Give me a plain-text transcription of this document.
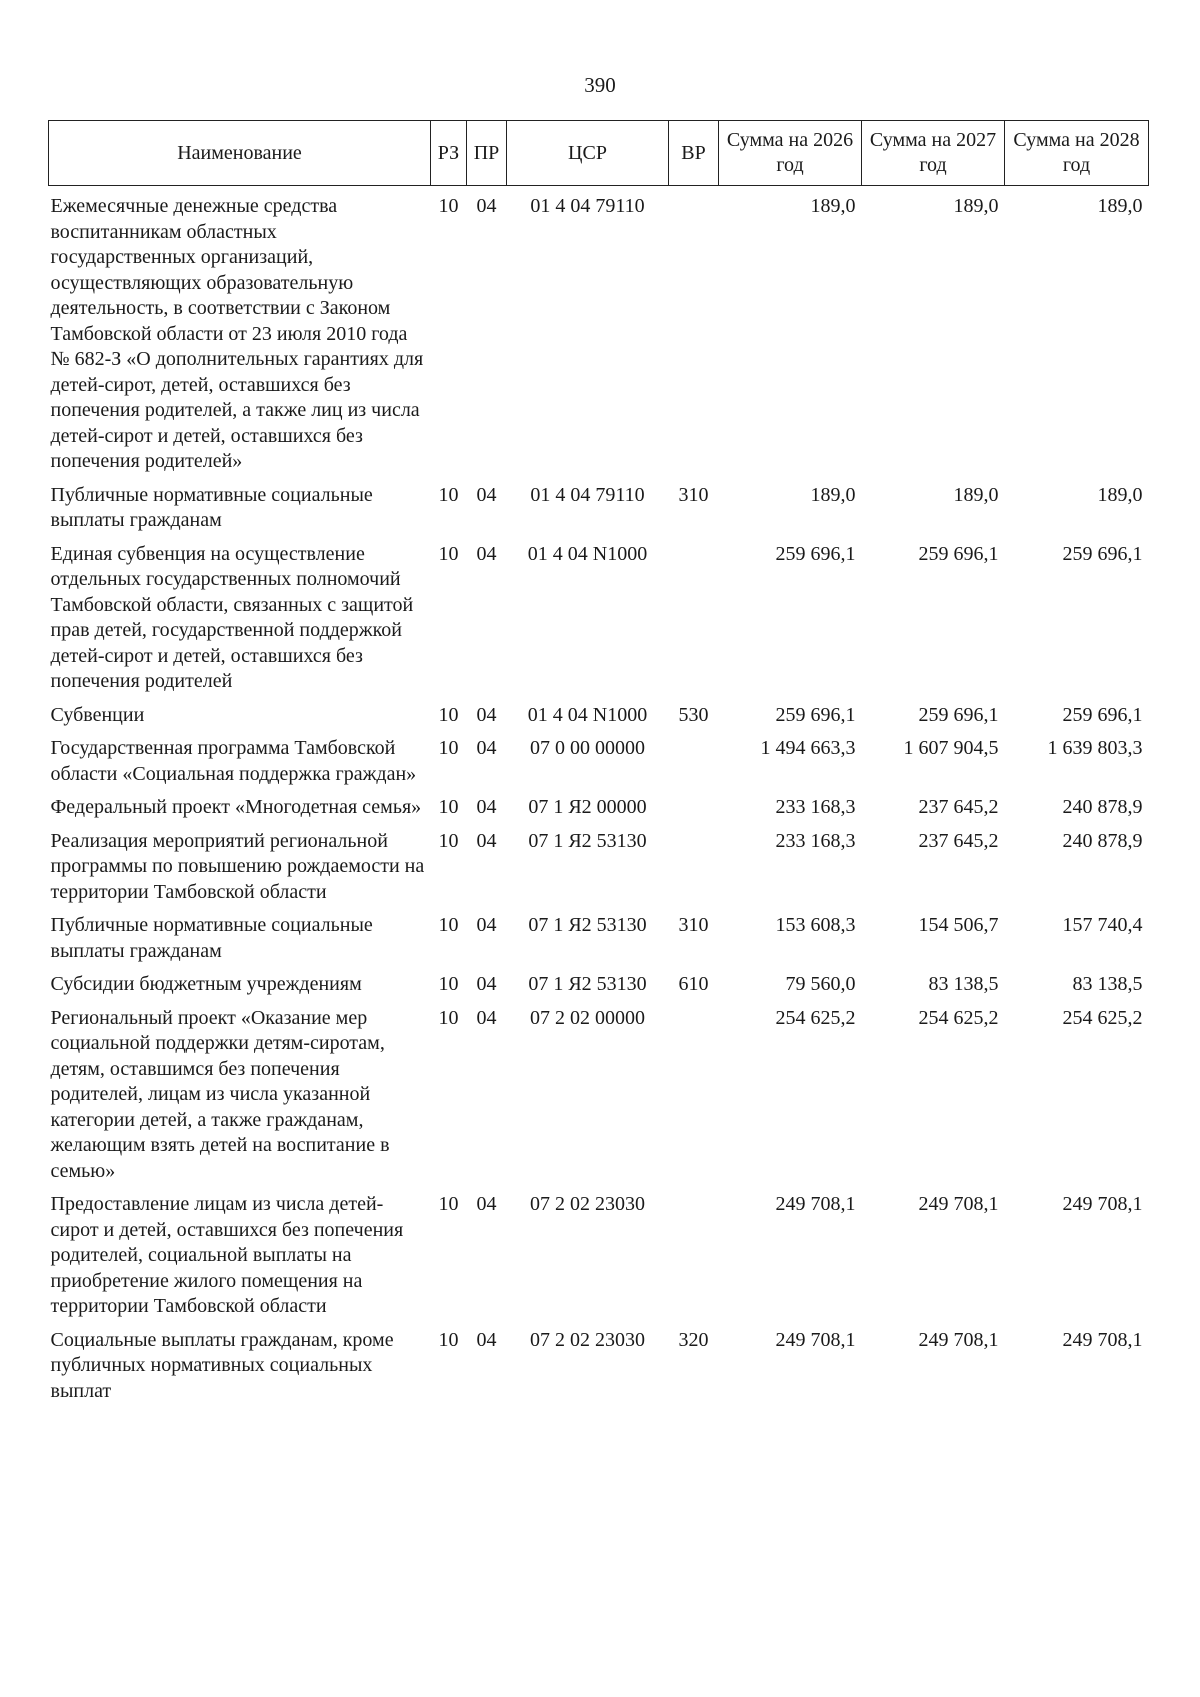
390
Наименование	РЗ	ПР	ЦСР	ВР	Сумма на 2026 год	Сумма на 2027 год	Сумма на 2028 год
Ежемесячные денежные средства воспитанникам областных государственных организаций, осуществляющих образовательную деятельность, в соответствии с Законом Тамбовской области от 23 июля 2010 года № 682-З «О дополнительных гарантиях для детей-сирот, детей, оставшихся без попечения родителей, а также лиц из числа детей-сирот и детей, оставшихся без попечения родителей»	10	04	01 4 04 79110		189,0	189,0	189,0
Публичные нормативные социальные выплаты гражданам	10	04	01 4 04 79110	310	189,0	189,0	189,0
Единая субвенция на осуществление отдельных государственных полномочий Тамбовской области, связанных с защитой прав детей, государственной поддержкой детей-сирот и детей, оставшихся без попечения родителей	10	04	01 4 04 N1000		259 696,1	259 696,1	259 696,1
Субвенции	10	04	01 4 04 N1000	530	259 696,1	259 696,1	259 696,1
Государственная программа Тамбовской области «Социальная поддержка граждан»	10	04	07 0 00 00000		1 494 663,3	1 607 904,5	1 639 803,3
Федеральный проект «Многодетная семья»	10	04	07 1 Я2 00000		233 168,3	237 645,2	240 878,9
Реализация мероприятий региональной программы по повышению рождаемости на территории Тамбовской области	10	04	07 1 Я2 53130		233 168,3	237 645,2	240 878,9
Публичные нормативные социальные выплаты гражданам	10	04	07 1 Я2 53130	310	153 608,3	154 506,7	157 740,4
Субсидии бюджетным учреждениям	10	04	07 1 Я2 53130	610	79 560,0	83 138,5	83 138,5
Региональный проект «Оказание мер социальной поддержки детям-сиротам, детям, оставшимся без попечения родителей, лицам из числа указанной категории детей, а также гражданам, желающим взять детей на воспитание в семью»	10	04	07 2 02 00000		254 625,2	254 625,2	254 625,2
Предоставление лицам из числа детей-сирот и детей, оставшихся без попечения родителей, социальной выплаты на приобретение жилого помещения на территории Тамбовской области	10	04	07 2 02 23030		249 708,1	249 708,1	249 708,1
Социальные выплаты гражданам, кроме публичных нормативных социальных выплат	10	04	07 2 02 23030	320	249 708,1	249 708,1	249 708,1
